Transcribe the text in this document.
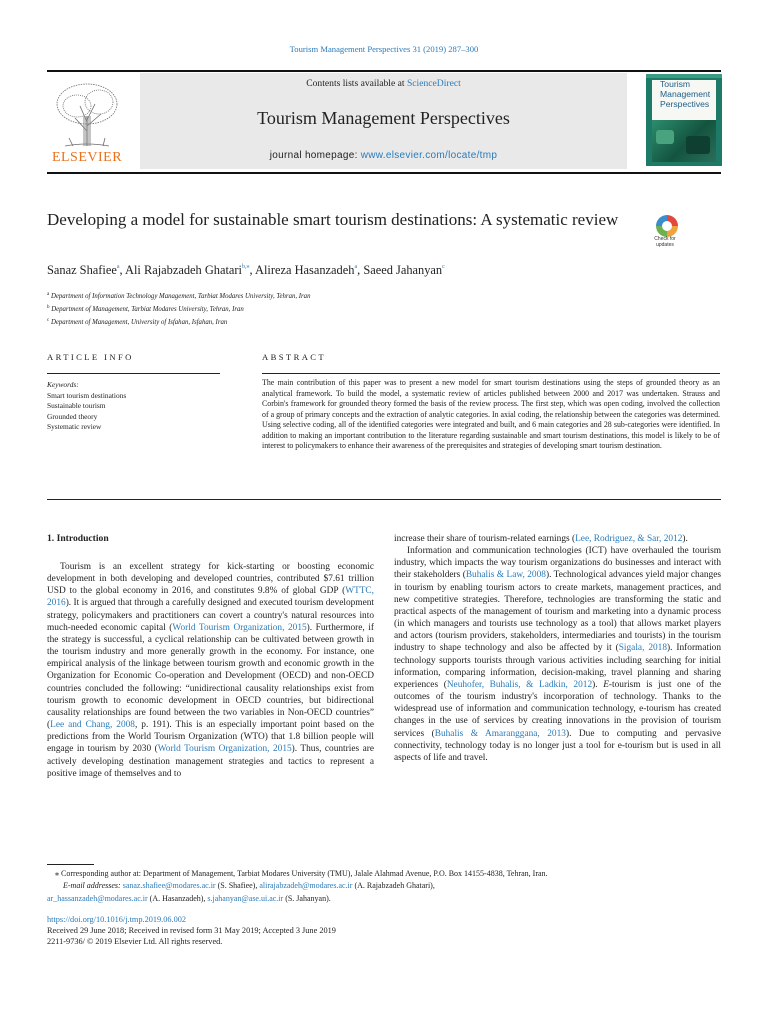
Tourism Management Perspectives 31 (2019) 287–300
Contents lists available at ScienceDirect
Tourism Management Perspectives
journal homepage: www.elsevier.com/locate/tmp
ELSEVIER
Tourism Management Perspectives
Developing a model for sustainable smart tourism destinations: A systematic review
Check for updates
Sanaz Shafiee$^a$, Ali Rajabzadeh Ghatari$^{b,⁎}$, Alireza Hasanzadeh$^a$, Saeed Jahanyan$^c$
$^a$ Department of Information Technology Management, Tarbiat Modares University, Tehran, Iran
$^b$ Department of Management, Tarbiat Modares University, Tehran, Iran
$^c$ Department of Management, University of Isfahan, Isfahan, Iran
ARTICLE INFO	ABSTRACT
Keywords:
Smart tourism destinations
Sustainable tourism
Grounded theory
Systematic review
The main contribution of this paper was to present a new model for smart tourism destinations using the steps of grounded theory as an analytical framework. To build the model, a systematic review of articles published between 2000 and 2017 was undertaken. Strauss and Corbin's framework for grounded theory formed the basis of the review process. The first step, which was open coding, involved the collection of a group of primary concepts and the extraction of analytic categories. In axial coding, the relationship between the categories was determined. Using selective coding, all of the identified categories were integrated and built, and 6 main categories and 28 sub-categories were identified. In addition to making an important contribution to the literature regarding sustainable and smart tourism destinations, this model is likely to be of interest to policymakers to enhance their awareness of the prerequisites and strategies of developing smart tourism destination.
1. Introduction

Tourism is an excellent strategy for kick-starting or boosting economic development in both developing and developed countries, contributed $7.61 trillion USD to the global economy in 2016, and constitutes 9.8% of global GDP (WTTC, 2016). It is argued that through a carefully designed and executed tourism development strategy, policymakers and practitioners can covert a country's natural resources into much-needed economic capital (World Tourism Organization, 2015). Furthermore, if the strategy is successful, a cyclical relationship can be cultivated between growth in the tourism industry and more generally growth in the economy. For instance, one empirical analysis of the linkage between tourism growth and economic growth in the Organization for Economic Co-operation and Development (OECD) and non-OECD countries concluded the following: “unidirectional causality relationships exist from tourism growth to economic development in OECD countries, but bidirectional causality relationships are found between the two variables in Non-OECD countries” (Lee and Chang, 2008, p. 191). This is an especially important point based on the predictions from the World Tourism Organization (WTO) that 1.8 billion people will engage in tourism by 2030 (World Tourism Organization, 2015). Thus, countries are actively developing destination management strategies and tactics to represent a positive image of themselves and to

increase their share of tourism-related earnings (Lee, Rodriguez, & Sar, 2012).

Information and communication technologies (ICT) have overhauled the tourism industry, which impacts the way tourism organizations do businesses and interact with their stakeholders (Buhalis & Law, 2008). Technological advances yield major changes in tourism by enabling tourism actors to create markets, management practices, and new competitive strategies. Therefore, technologies are transforming the static and practical aspects of the management of tourism and marketing into a dynamic process (in which managers and tourists use technology as a tool) that allows market players and actors (tourism providers, stakeholders, intermediaries and tourists) in the tourism industry to shape technology and also be affected by it (Sigala, 2018). Information technology supports tourists through various activities including searching for initial information, comparing information, decision-making, travel planning and sharing experiences (Neuhofer, Buhalis, & Ladkin, 2012). E-tourism is just one of the outcomes of the tourism industry's incorporation of technology. Thanks to the widespread use of information and communication technology, e-tourism has created changes in the use of services by creating innovations in the provision of tourism services (Buhalis & Amaranggana, 2013). Due to computing and pervasive connectivity, technology today is no longer just a tool for e-tourism but is used in all aspects of life and travel.

⁎ Corresponding author at: Department of Management, Tarbiat Modares University (TMU), Jalale Alahmad Avenue, P.O. Box 14155-4838, Tehran, Iran.
E-mail addresses: sanaz.shafiee@modares.ac.ir (S. Shafiee), alirajabzadeh@modares.ac.ir (A. Rajabzadeh Ghatari),
ar_hassanzadeh@modares.ac.ir (A. Hasanzadeh), s.jahanyan@ase.ui.ac.ir (S. Jahanyan).
https://doi.org/10.1016/j.tmp.2019.06.002
Received 29 June 2018; Received in revised form 31 May 2019; Accepted 3 June 2019
2211-9736/ © 2019 Elsevier Ltd. All rights reserved.
